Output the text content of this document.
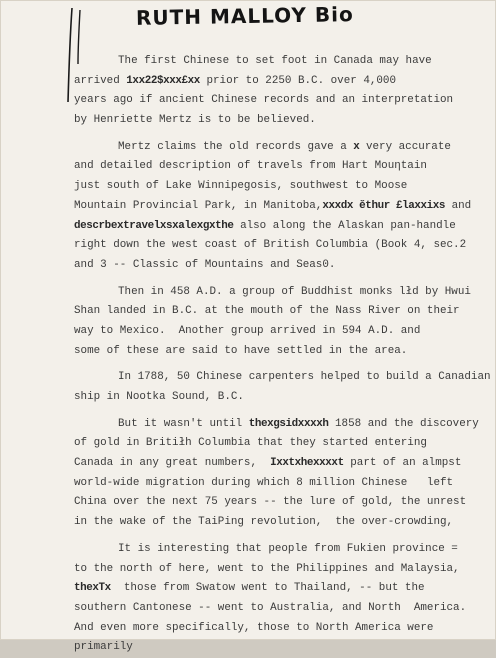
RUTH MALLOY Bio
The first Chinese to set foot in Canada may have
arrived 1xx22$xxx£xx prior to 2250 B.C. over 4,000
years ago if ancient Chinese records and an interpretation
by Henriette Mertz is to be believed.
Mertz claims the old records gave a x very accurate
and detailed description of travels from Hart Mouηtain
just south of Lake Winnipegosis, southwest to Moose
Mountain Provincial Park, in Manitoba,xxxdx ĕthur £laxxixs and
descrbextravelxsxalexgxthe also along the Alaskan pan-handle
right down the west coast of British Columbia (Book 4, sec.2
and 3 -- Classic of Mountains and Seas0.
Then in 458 A.D. a group of Buddhist monks lłd by Hwui
Shan landed in B.C. at the mouth of the Nass River on their
way to Mexico.  Another group arrived in 594 A.D. and
some of these are said to have settled in the area.
In 1788, 50 Chinese carpenters helped to build a Canadian
ship in Nootka Sound, B.C.
But it wasn't until thexgsidxxxxh 1858 and the discovery
of gold in Britiłh Columbia that they started entering
Canada in any great numbers,  Ixxtxhexxxxt part of an almpst
world-wide migration during which 8 million Chinese   left
China over the next 75 years -- the lure of gold, the unrest
in the wake of the TaiPing revolution,  the over-crowding,
It is interesting that people from Fukien province =
to the north of here, went to the Philippines and Malaysia,
thexTx  those from Swatow went to Thailand, -- but the
southern Cantonese -- went to Australia, and North  America.
And even more specifically, those to North America were
primarily
